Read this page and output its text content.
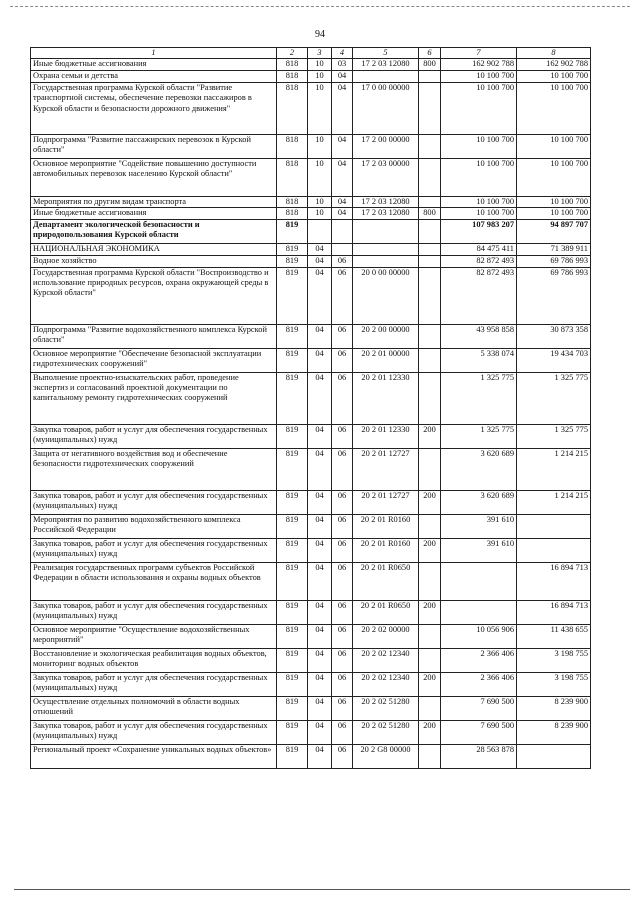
94
1	2	3	4	5	6	7	8
Иные бюджетные ассигнования	818	10	03	17 2 03 12080	800	162 902 788	162 902 788
Охрана семьи и детства	818	10	04			10 100 700	10 100 700
Государственная программа Курской области "Развитие транспортной системы, обеспечение перевозки пассажиров в Курской области и безопасности дорожного движения"	818	10	04	17 0 00 00000		10 100 700	10 100 700
Подпрограмма "Развитие пассажирских перевозок в Курской области"	818	10	04	17 2 00 00000		10 100 700	10 100 700
Основное мероприятие "Содействие повышению доступности автомобильных перевозок населению Курской области"	818	10	04	17 2 03 00000		10 100 700	10 100 700
Мероприятия по другим видам транспорта	818	10	04	17 2 03 12080		10 100 700	10 100 700
Иные бюджетные ассигнования	818	10	04	17 2 03 12080	800	10 100 700	10 100 700
Департамент экологической безопасности и природопользования Курской области	819					107 983 207	94 897 707
НАЦИОНАЛЬНАЯ ЭКОНОМИКА	819	04				84 475 411	71 389 911
Водное хозяйство	819	04	06			82 872 493	69 786 993
Государственная программа Курской области "Воспроизводство и использование природных ресурсов, охрана окружающей среды в Курской области"	819	04	06	20 0 00 00000		82 872 493	69 786 993
Подпрограмма "Развитие водохозяйственного комплекса Курской области"	819	04	06	20 2 00 00000		43 958 858	30 873 358
Основное мероприятие "Обеспечение безопасной эксплуатации гидротехнических сооружений"	819	04	06	20 2 01 00000		5 338 074	19 434 703
Выполнение проектно-изыскательских работ, проведение экспертиз и согласований проектной документации по капитальному ремонту гидротехнических сооружений	819	04	06	20 2 01 12330		1 325 775	1 325 775
Закупка товаров, работ и услуг для обеспечения государственных (муниципальных) нужд	819	04	06	20 2 01 12330	200	1 325 775	1 325 775
Защита от негативного воздействия вод и обеспечение безопасности гидротехнических сооружений	819	04	06	20 2 01 12727		3 620 689	1 214 215
Закупка товаров, работ и услуг для обеспечения государственных (муниципальных) нужд	819	04	06	20 2 01 12727	200	3 620 689	1 214 215
Мероприятия по развитию водохозяйственного комплекса Российской Федерации	819	04	06	20 2 01 R0160		391 610	
Закупка товаров, работ и услуг для обеспечения государственных (муниципальных) нужд	819	04	06	20 2 01 R0160	200	391 610	
Реализация государственных программ субъектов Российской Федерации в области использования и охраны водных объектов	819	04	06	20 2 01 R0650			16 894 713
Закупка товаров, работ и услуг для обеспечения государственных (муниципальных) нужд	819	04	06	20 2 01 R0650	200		16 894 713
Основное мероприятие "Осуществление водохозяйственных мероприятий"	819	04	06	20 2 02 00000		10 056 906	11 438 655
Восстановление и экологическая реабилитация водных объектов, мониторинг водных объектов	819	04	06	20 2 02 12340		2 366 406	3 198 755
Закупка товаров, работ и услуг для обеспечения государственных (муниципальных) нужд	819	04	06	20 2 02 12340	200	2 366 406	3 198 755
Осуществление отдельных полномочий в области водных отношений	819	04	06	20 2 02 51280		7 690 500	8 239 900
Закупка товаров, работ и услуг для обеспечения государственных (муниципальных) нужд	819	04	06	20 2 02 51280	200	7 690 500	8 239 900
Региональный проект «Сохранение уникальных водных объектов»	819	04	06	20 2 G8 00000		28 563 878	
